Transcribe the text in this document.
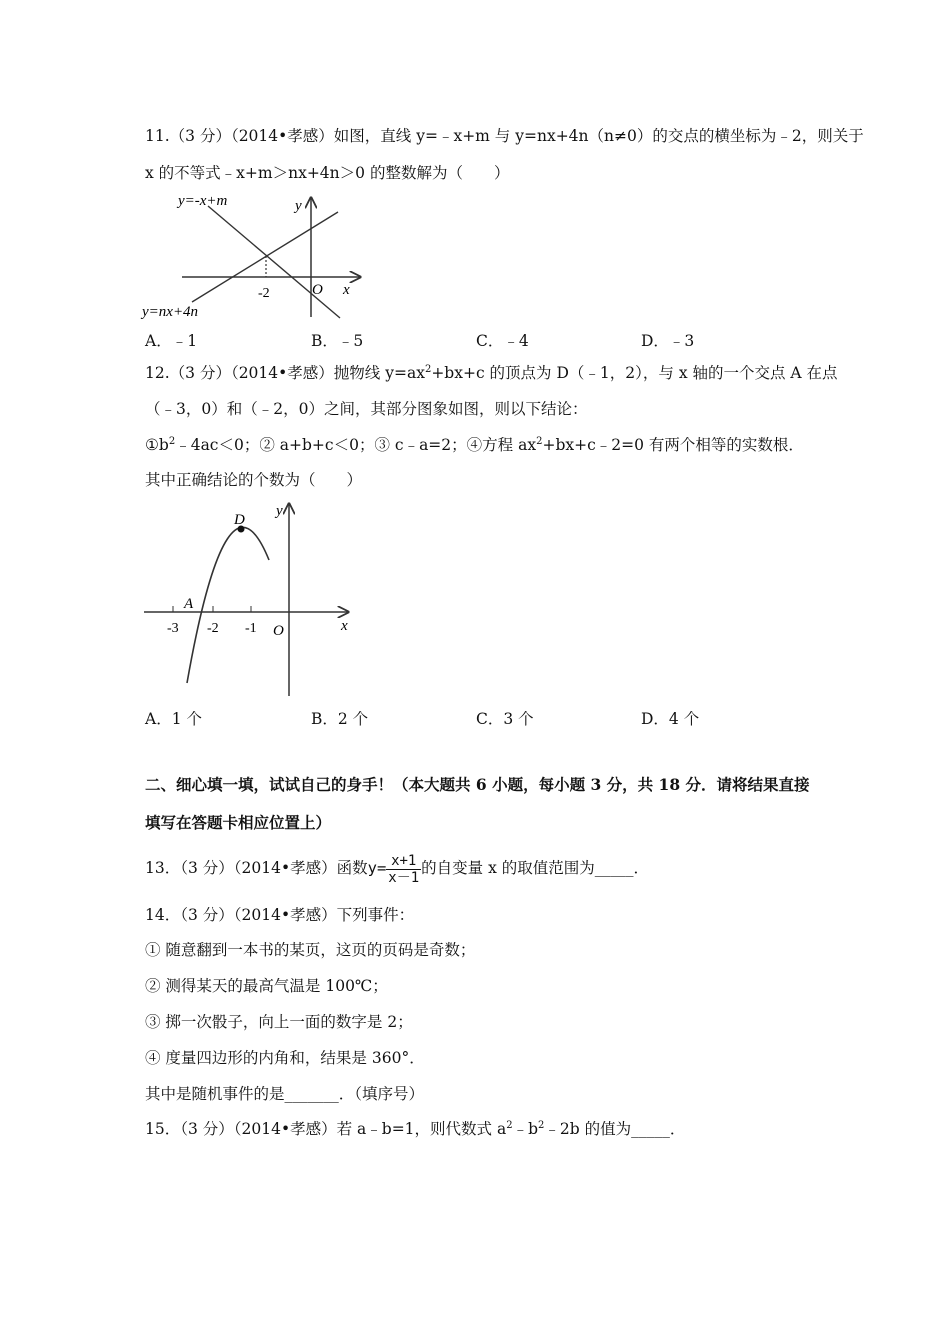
11.（3 分）（2014•孝感）如图，直线 y=﹣x+m 与 y=nx+4n（n≠0）的交点的横坐标为﹣2，则关于
x 的不等式﹣x+m＞nx+4n＞0 的整数解为（　　）
y=-x+m
y=nx+4n
-2	O x
y
A．﹣1	B．﹣5	C．﹣4	D．﹣3
12.（3 分）（2014•孝感）抛物线 $y=ax^2+bx+c$ 的顶点为 D（﹣1，2），与 x 轴的一个交点 A 在点
（﹣3，0）和（﹣2，0）之间，其部分图象如图，则以下结论：
$①b^2﹣4ac<0$；② a+b+c＜0；③ c﹣a=2；④方程 $ax^2+bx+c﹣2=0$ 有两个相等的实数根．
其中正确结论的个数为（　　）
D
A
-3 -2 -1 O	x
y
A．1 个	B．2 个	C．3 个	D．4 个
二、细心填一填，试试自己的身手！（本大题共 6 小题，每小题 3 分，共 18 分．请将结果直接
填写在答题卡相应位置上）
13．（3 分）（2014•孝感）函数$y= \frac{x+1}{x-1}$ 的自变量 x 的取值范围为_____．
14．（3 分）（2014•孝感）下列事件：
① 随意翻到一本书的某页，这页的页码是奇数；
② 测得某天的最高气温是 100℃；
③ 掷一次骰子，向上一面的数字是 2；
④ 度量四边形的内角和，结果是 360°．
其中是随机事件的是_______．（填序号）
15．（3 分）（2014•孝感）若 a﹣b=1，则代数式 $a^2﹣b^2﹣2b$ 的值为_____．
